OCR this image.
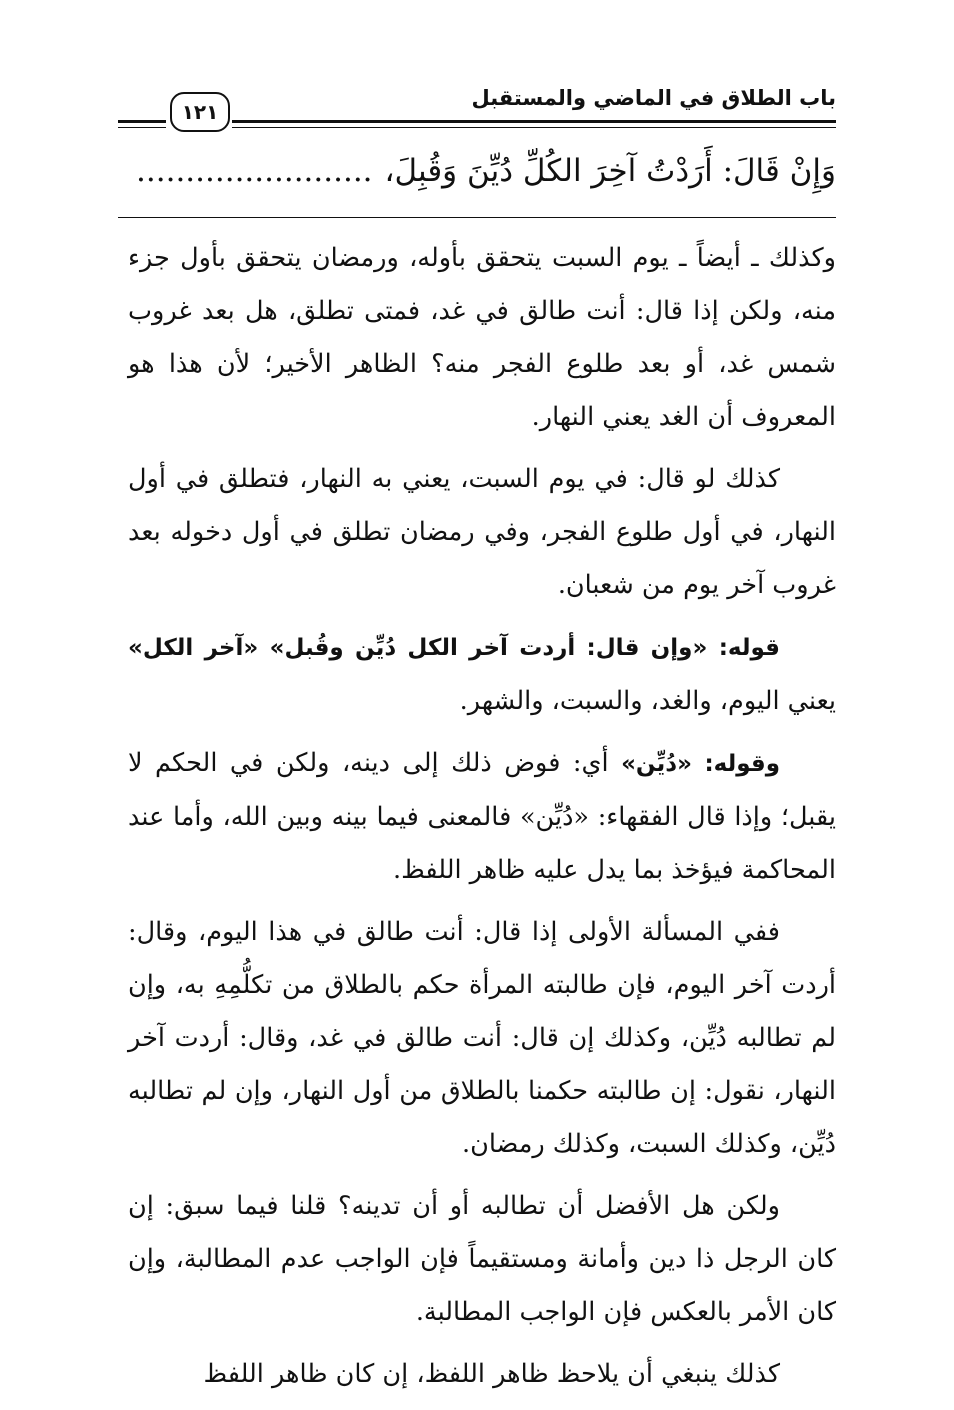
باب الطلاق في الماضي والمستقبل
١٢١
وَإِنْ قَالَ: أَرَدْتُ آخِرَ الكُلِّ دُيِّنَ وَقُبِلَ،........................

وكذلك ـ أيضاً ـ يوم السبت يتحقق بأوله، ورمضان يتحقق بأول جزء منه، ولكن إذا قال: أنت طالق في غد، فمتى تطلق، هل بعد غروب شمس غد، أو بعد طلوع الفجر منه؟ الظاهر الأخير؛ لأن هذا هو المعروف أن الغد يعني النهار.

كذلك لو قال: في يوم السبت، يعني به النهار، فتطلق في أول النهار، في أول طلوع الفجر، وفي رمضان تطلق في أول دخوله بعد غروب آخر يوم من شعبان.

قوله: «وإن قال: أردت آخر الكل دُيِّن وقُبل» «آخر الكل» يعني اليوم، والغد، والسبت، والشهر.

وقوله: «دُيِّن» أي: فوض ذلك إلى دينه، ولكن في الحكم لا يقبل؛ وإذا قال الفقهاء: «دُيِّن» فالمعنى فيما بينه وبين الله، وأما عند المحاكمة فيؤخذ بما يدل عليه ظاهر اللفظ.

ففي المسألة الأولى إذا قال: أنت طالق في هذا اليوم، وقال: أردت آخر اليوم، فإن طالبته المرأة حكم بالطلاق من تكلُّمِهِ به، وإن لم تطالبه دُيِّن، وكذلك إن قال: أنت طالق في غد، وقال: أردت آخر النهار، نقول: إن طالبته حكمنا بالطلاق من أول النهار، وإن لم تطالبه دُيِّن، وكذلك السبت، وكذلك رمضان.

ولكن هل الأفضل أن تطالبه أو أن تدينه؟ قلنا فيما سبق: إن كان الرجل ذا دين وأمانة ومستقيماً فإن الواجب عدم المطالبة، وإن كان الأمر بالعكس فإن الواجب المطالبة.

كذلك ينبغي أن يلاحظ ظاهر اللفظ، إن كان ظاهر اللفظ
